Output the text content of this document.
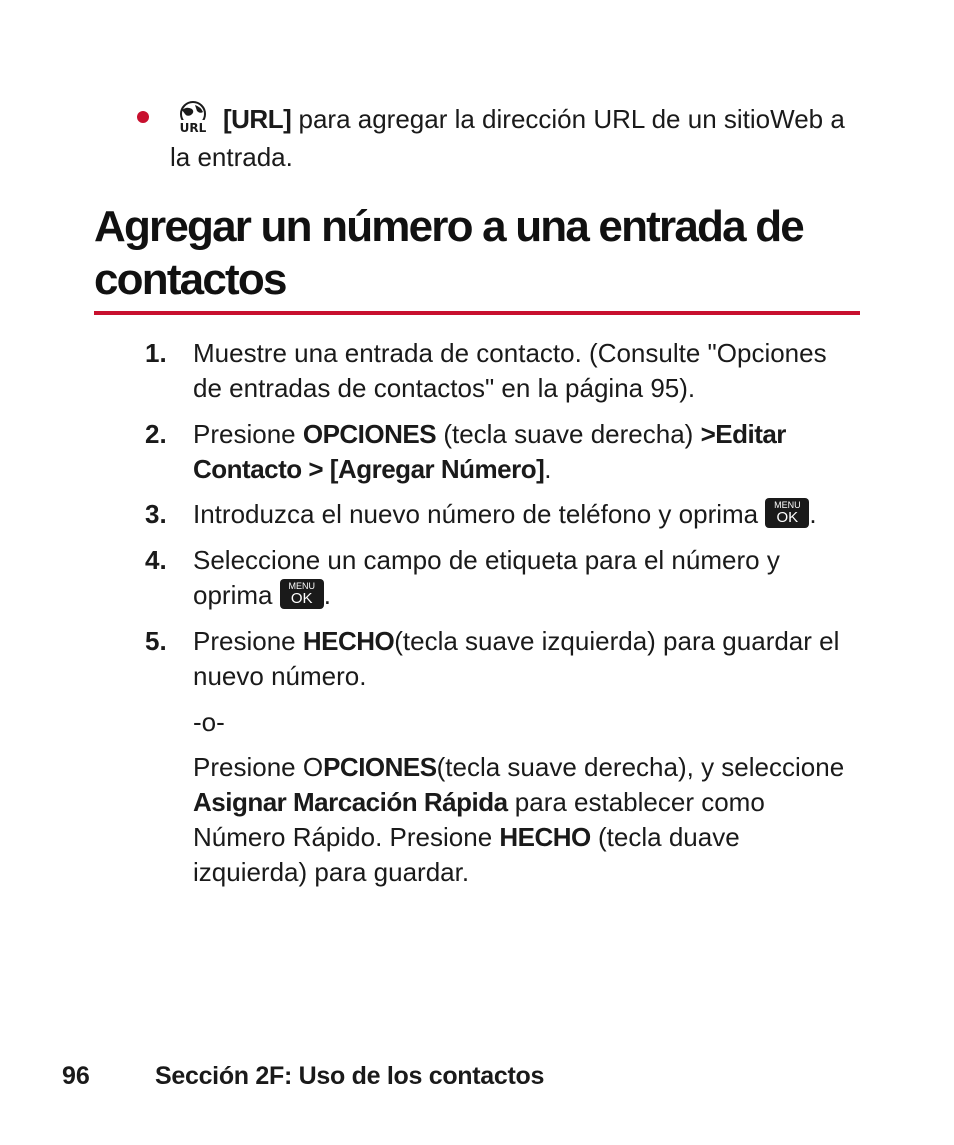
URL [URL] para agregar la dirección URL de un sitioWeb a
la entrada.
Agregar un número a una entrada de
contactos
1. Muestre una entrada de contacto. (Consulte "Opciones
de entradas de contactos" en la página 95).
2. Presione OPCIONES (tecla suave derecha) >Editar
Contacto > [Agregar Número].
3. Introduzca el nuevo número de teléfono y oprima MENU
OK .
4. Seleccione un campo de etiqueta para el número y
oprima MENU
OK .
5. Presione HECHO(tecla suave izquierda) para guardar el
nuevo número.
-o-
Presione OPCIONES(tecla suave derecha), y seleccione
Asignar Marcación Rápida para establecer como
Número Rápido. Presione HECHO (tecla duave
izquierda) para guardar.
96	Sección 2F: Uso de los contactos
